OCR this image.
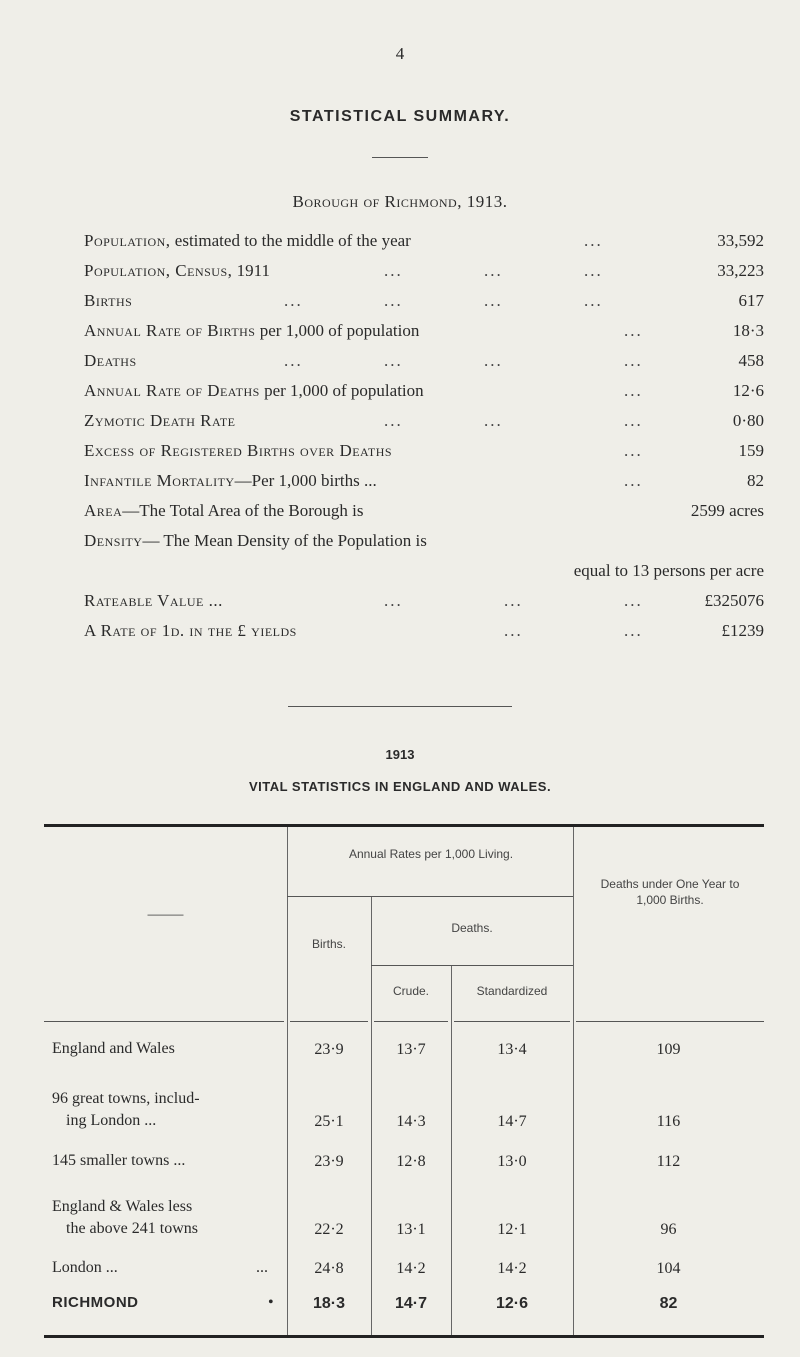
4
STATISTICAL SUMMARY.
Borough of Richmond, 1913.
Population, estimated to the middle of the year	...	33,592
Population, Census, 1911	...	...	...	33,223
Births	...	...	...	...	617
Annual Rate of Births per 1,000 of population	...	18·3
Deaths	...	...	...	...	458
Annual Rate of Deaths per 1,000 of population	...	12·6
Zymotic Death Rate	...	...	...	0·80
Excess of Registered Births over Deaths	...	159
Infantile Mortality—Per 1,000 births ...	...	82
Area—The Total Area of the Borough is	2599 acres
Density— The Mean Density of the Population is
equal to 13 persons per acre
Rateable Value ...	...	...	...	£325076
A Rate of 1d. in the £ yields	...	...	£1239
1913
VITAL STATISTICS IN ENGLAND AND WALES.
———
Annual Rates per 1,000 Living.
Births.
Deaths.
Crude.	Standardized
Deaths under One Year to 1,000 Births.
England and Wales	23·9	13·7	13·4	109
96 great towns, includ-
ing London ...	25·1	14·3	14·7	116
145 smaller towns ...	23·9	12·8	13·0	112
England & Wales less
the above 241 towns	22·2	13·1	12·1	96
London ...	...	24·8	14·2	14·2	104
RICHMOND	•	18·3	14·7	12·6	82
